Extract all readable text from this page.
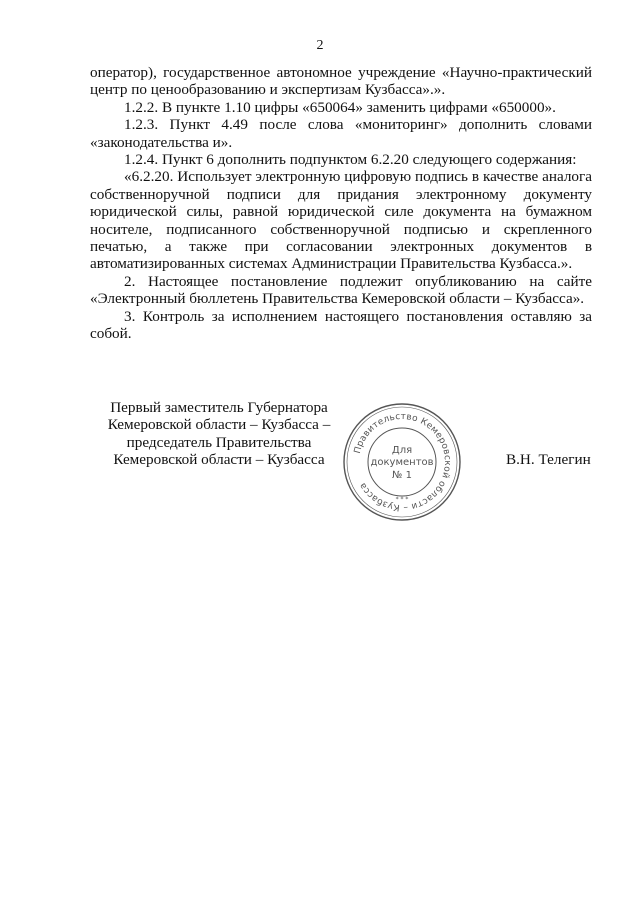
2

оператор), государственное автономное учреждение «Научно-практический центр по ценообразованию и экспертизам Кузбасса».».

1.2.2. В пункте 1.10 цифры «650064» заменить цифрами «650000».

1.2.3. Пункт 4.49 после слова «мониторинг» дополнить словами «законодательства и».

1.2.4. Пункт 6 дополнить подпунктом 6.2.20 следующего содержания:

«6.2.20. Использует электронную цифровую подпись в качестве аналога собственноручной подписи для придания электронному документу юридической силы, равной юридической силе документа на бумажном носителе, подписанного собственноручной подписью и скрепленного печатью, а также при согласовании электронных документов в автоматизированных системах Администрации Правительства Кузбасса.».

2. Настоящее постановление подлежит опубликованию на сайте «Электронный бюллетень Правительства Кемеровской области – Кузбасса».

3. Контроль за исполнением настоящего постановления оставляю за собой.

Первый заместитель Губернатора
Кемеровской области – Кузбасса –
председатель Правительства
Кемеровской области – Кузбасса
Правительство Кемеровской области – Кузбасса
* * *
Для
документов
№ 1
В.Н. Телегин
